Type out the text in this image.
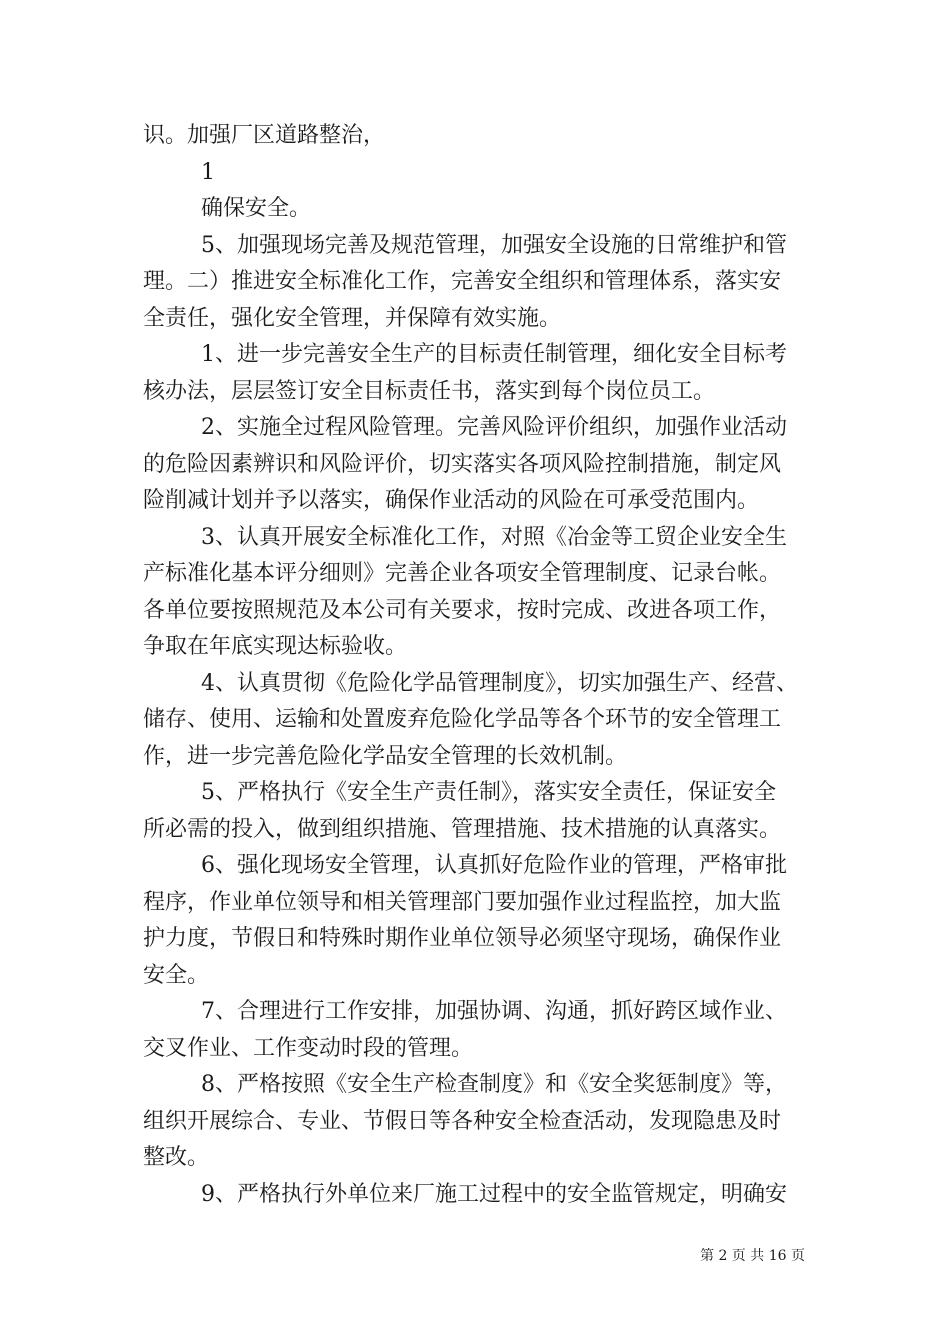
识。加强厂区道路整治，
1
确保安全。
5、加强现场完善及规范管理，加强安全设施的日常维护和管
理。二）推进安全标准化工作，完善安全组织和管理体系，落实安
全责任，强化安全管理，并保障有效实施。
1、进一步完善安全生产的目标责任制管理，细化安全目标考
核办法，层层签订安全目标责任书，落实到每个岗位员工。
2、实施全过程风险管理。完善风险评价组织，加强作业活动
的危险因素辨识和风险评价，切实落实各项风险控制措施，制定风
险削减计划并予以落实，确保作业活动的风险在可承受范围内。
3、认真开展安全标准化工作，对照《冶金等工贸企业安全生
产标准化基本评分细则》完善企业各项安全管理制度、记录台帐。
各单位要按照规范及本公司有关要求，按时完成、改进各项工作，
争取在年底实现达标验收。
4、认真贯彻《危险化学品管理制度》，切实加强生产、经营、
储存、使用、运输和处置废弃危险化学品等各个环节的安全管理工
作，进一步完善危险化学品安全管理的长效机制。
5、严格执行《安全生产责任制》，落实安全责任，保证安全
所必需的投入，做到组织措施、管理措施、技术措施的认真落实。
6、强化现场安全管理，认真抓好危险作业的管理，严格审批
程序，作业单位领导和相关管理部门要加强作业过程监控，加大监
护力度，节假日和特殊时期作业单位领导必须坚守现场，确保作业
安全。
7、合理进行工作安排，加强协调、沟通，抓好跨区域作业、
交叉作业、工作变动时段的管理。
8、严格按照《安全生产检查制度》和《安全奖惩制度》等，
组织开展综合、专业、节假日等各种安全检查活动，发现隐患及时
整改。
9、严格执行外单位来厂施工过程中的安全监管规定，明确安
第 2 页 共 16 页
